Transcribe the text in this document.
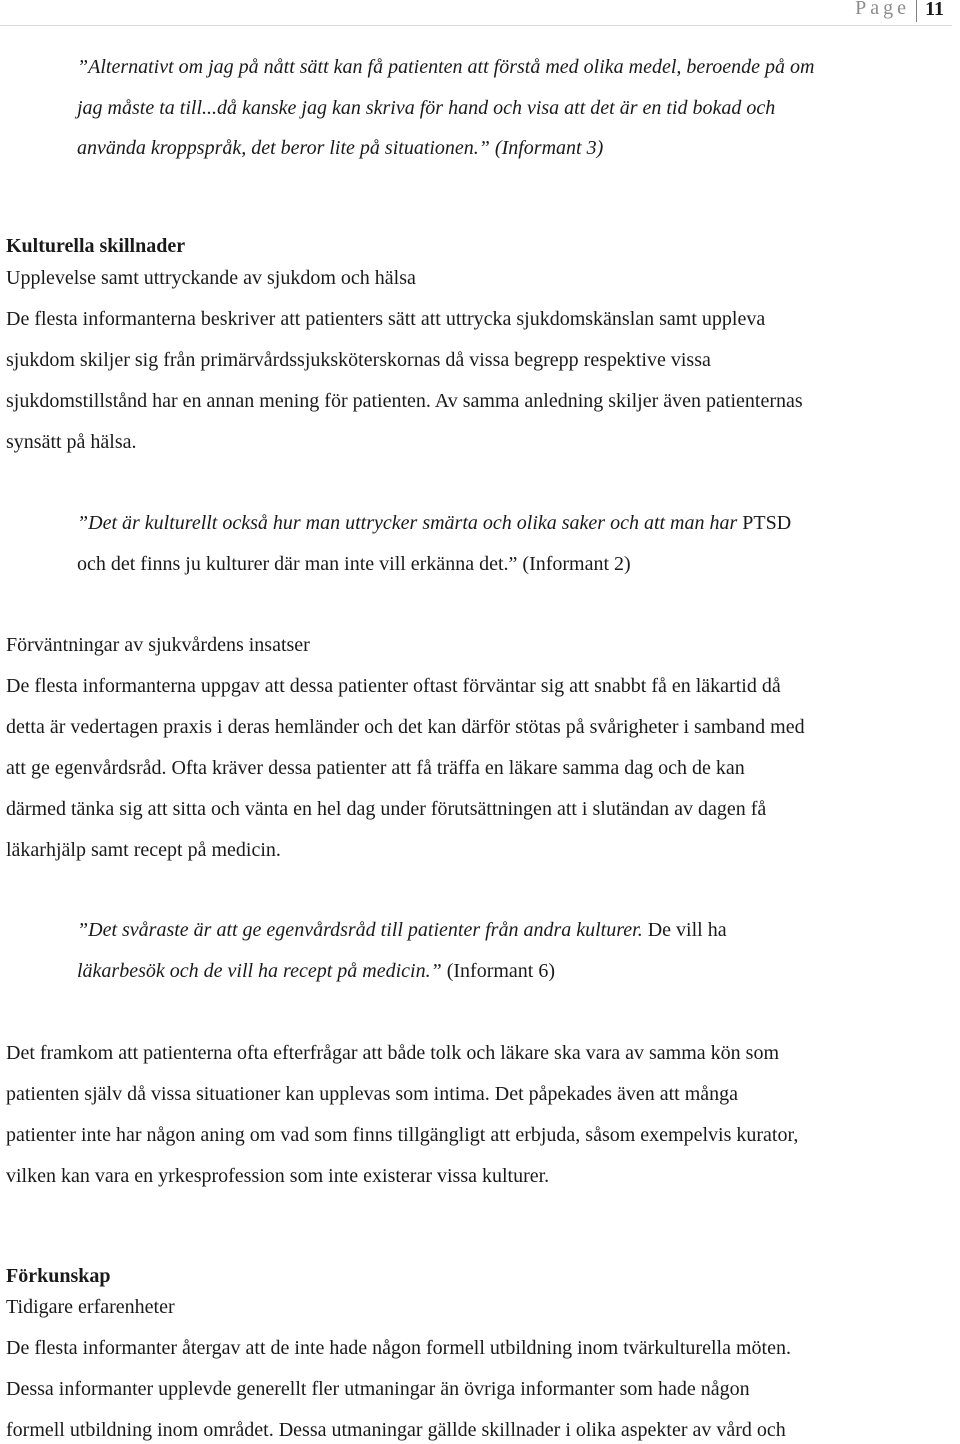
Page 11
”Alternativt om jag på nått sätt kan få patienten att förstå med olika medel, beroende på om
jag måste ta till...då kanske jag kan skriva för hand och visa att det är en tid bokad och
använda kroppspråk, det beror lite på situationen.” (Informant 3)
Kulturella skillnader
Upplevelse samt uttryckande av sjukdom och hälsa
De flesta informanterna beskriver att patienters sätt att uttrycka sjukdomskänslan samt uppleva
sjukdom skiljer sig från primärvårdssjuksköterskornas då vissa begrepp respektive vissa
sjukdomstillstånd har en annan mening för patienten. Av samma anledning skiljer även patienternas
synsätt på hälsa.
”Det är kulturellt också hur man uttrycker smärta och olika saker och att man har PTSD
och det finns ju kulturer där man inte vill erkänna det.” (Informant 2)
Förväntningar av sjukvårdens insatser
De flesta informanterna uppgav att dessa patienter oftast förväntar sig att snabbt få en läkartid då
detta är vedertagen praxis i deras hemländer och det kan därför stötas på svårigheter i samband med
att ge egenvårdsråd. Ofta kräver dessa patienter att få träffa en läkare samma dag och de kan
därmed tänka sig att sitta och vänta en hel dag under förutsättningen att i slutändan av dagen få
läkarhjälp samt recept på medicin.
”Det svåraste är att ge egenvårdsråd till patienter från andra kulturer. De vill ha
läkarbesök och de vill ha recept på medicin.” (Informant 6)
Det framkom att patienterna ofta efterfrågar att både tolk och läkare ska vara av samma kön som
patienten själv då vissa situationer kan upplevas som intima. Det påpekades även att många
patienter inte har någon aning om vad som finns tillgängligt att erbjuda, såsom exempelvis kurator,
vilken kan vara en yrkesprofession som inte existerar vissa kulturer.
Förkunskap
Tidigare erfarenheter
De flesta informanter återgav att de inte hade någon formell utbildning inom tvärkulturella möten.
Dessa informanter upplevde generellt fler utmaningar än övriga informanter som hade någon
formell utbildning inom området. Dessa utmaningar gällde skillnader i olika aspekter av vård och
